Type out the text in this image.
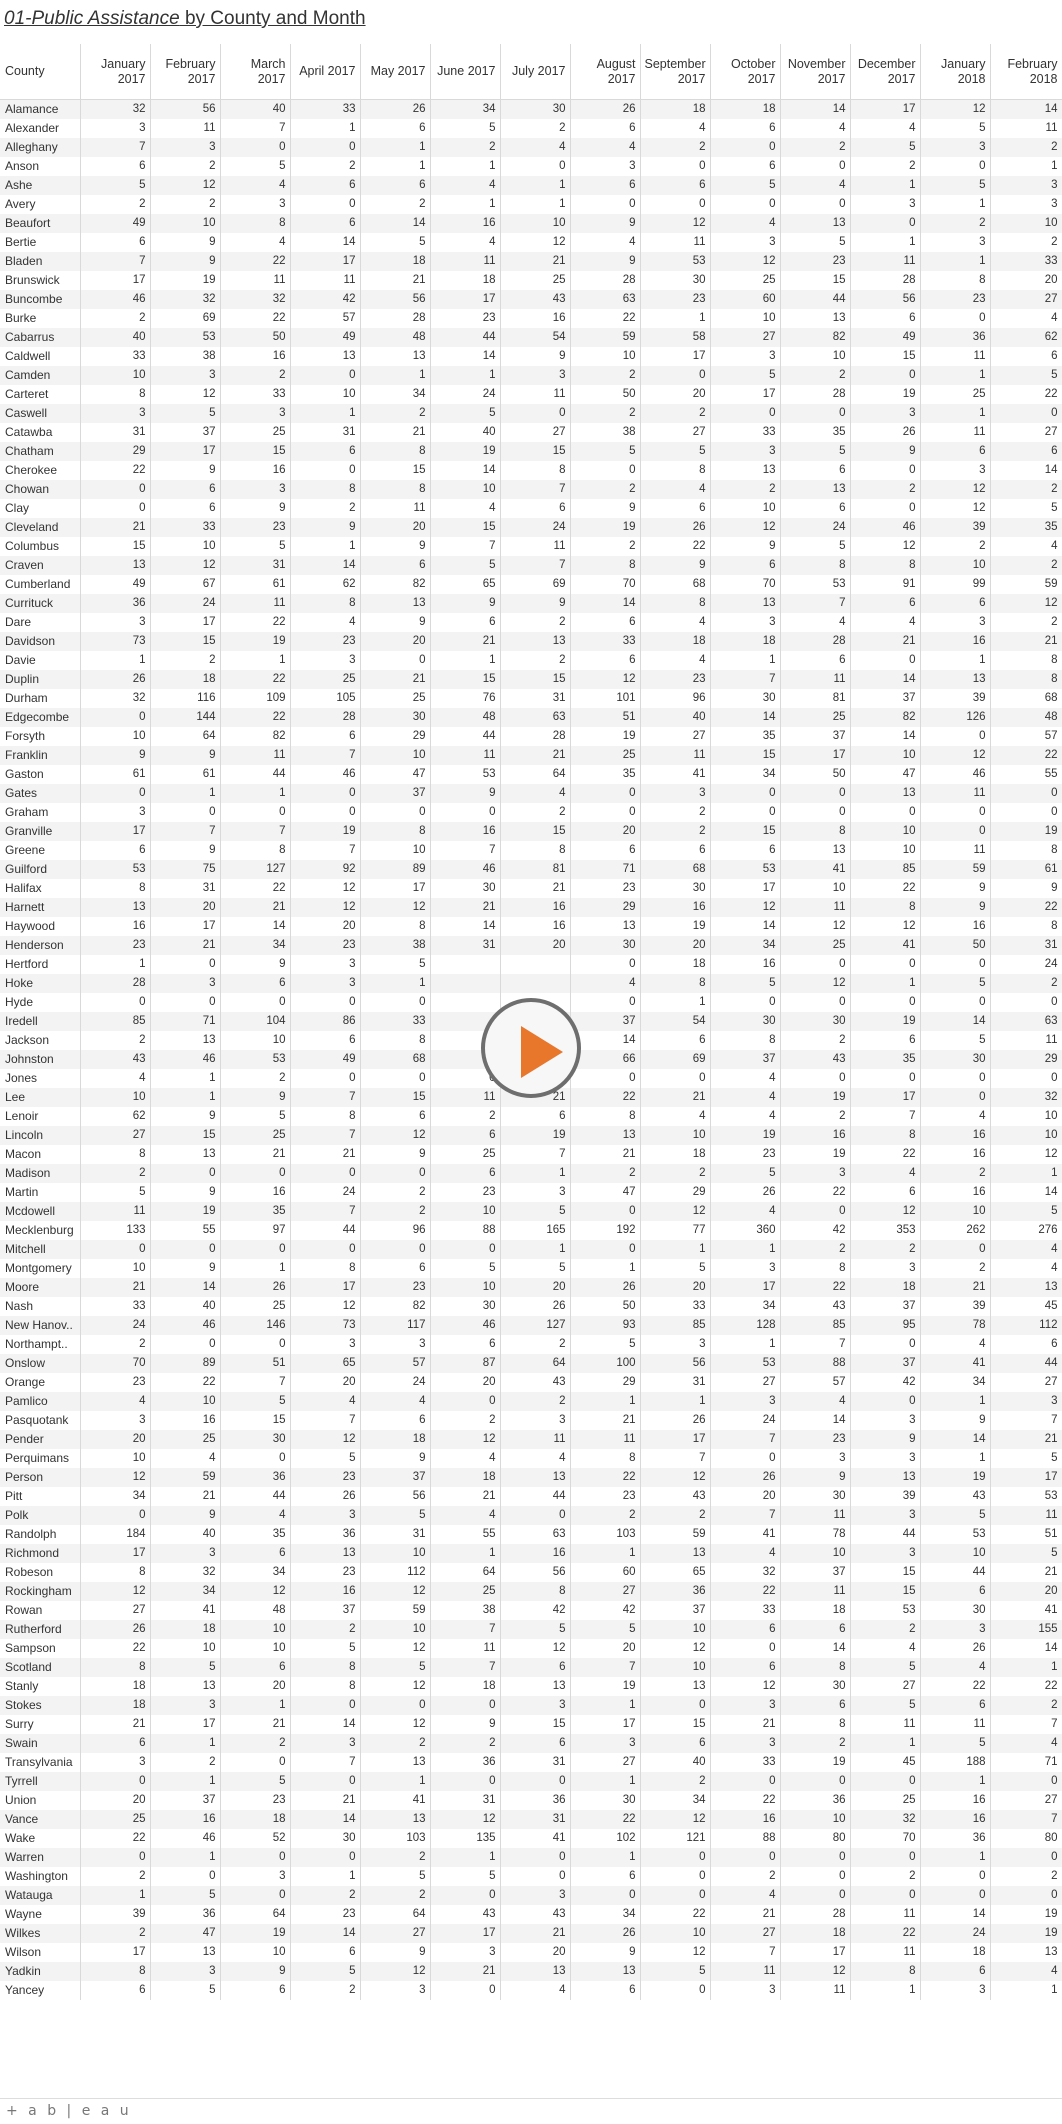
01-Public Assistance by County and Month
County	January 2017	February 2017	March 2017	April 2017	May 2017	June 2017	July 2017	August 2017	September 2017	October 2017	November 2017	December 2017	January 2018	February 2018
Alamance	32	56	40	33	26	34	30	26	18	18	14	17	12	14
Alexander	3	11	7	1	6	5	2	6	4	6	4	4	5	11
Alleghany	7	3	0	0	1	2	4	4	2	0	2	5	3	2
Anson	6	2	5	2	1	1	0	3	0	6	0	2	0	1
Ashe	5	12	4	6	6	4	1	6	6	5	4	1	5	3
Avery	2	2	3	0	2	1	1	0	0	0	0	3	1	3
Beaufort	49	10	8	6	14	16	10	9	12	4	13	0	2	10
Bertie	6	9	4	14	5	4	12	4	11	3	5	1	3	2
Bladen	7	9	22	17	18	11	21	9	53	12	23	11	1	33
Brunswick	17	19	11	11	21	18	25	28	30	25	15	28	8	20
Buncombe	46	32	32	42	56	17	43	63	23	60	44	56	23	27
Burke	2	69	22	57	28	23	16	22	1	10	13	6	0	4
Cabarrus	40	53	50	49	48	44	54	59	58	27	82	49	36	62
Caldwell	33	38	16	13	13	14	9	10	17	3	10	15	11	6
Camden	10	3	2	0	1	1	3	2	0	5	2	0	1	5
Carteret	8	12	33	10	34	24	11	50	20	17	28	19	25	22
Caswell	3	5	3	1	2	5	0	2	2	0	0	3	1	0
Catawba	31	37	25	31	21	40	27	38	27	33	35	26	11	27
Chatham	29	17	15	6	8	19	15	5	5	3	5	9	6	6
Cherokee	22	9	16	0	15	14	8	0	8	13	6	0	3	14
Chowan	0	6	3	8	8	10	7	2	4	2	13	2	12	2
Clay	0	6	9	2	11	4	6	9	6	10	6	0	12	5
Cleveland	21	33	23	9	20	15	24	19	26	12	24	46	39	35
Columbus	15	10	5	1	9	7	11	2	22	9	5	12	2	4
Craven	13	12	31	14	6	5	7	8	9	6	8	8	10	2
Cumberland	49	67	61	62	82	65	69	70	68	70	53	91	99	59
Currituck	36	24	11	8	13	9	9	14	8	13	7	6	6	12
Dare	3	17	22	4	9	6	2	6	4	3	4	4	3	2
Davidson	73	15	19	23	20	21	13	33	18	18	28	21	16	21
Davie	1	2	1	3	0	1	2	6	4	1	6	0	1	8
Duplin	26	18	22	25	21	15	15	12	23	7	11	14	13	8
Durham	32	116	109	105	25	76	31	101	96	30	81	37	39	68
Edgecombe	0	144	22	28	30	48	63	51	40	14	25	82	126	48
Forsyth	10	64	82	6	29	44	28	19	27	35	37	14	0	57
Franklin	9	9	11	7	10	11	21	25	11	15	17	10	12	22
Gaston	61	61	44	46	47	53	64	35	41	34	50	47	46	55
Gates	0	1	1	0	37	9	4	0	3	0	0	13	11	0
Graham	3	0	0	0	0	0	2	0	2	0	0	0	0	0
Granville	17	7	7	19	8	16	15	20	2	15	8	10	0	19
Greene	6	9	8	7	10	7	8	6	6	6	13	10	11	8
Guilford	53	75	127	92	89	46	81	71	68	53	41	85	59	61
Halifax	8	31	22	12	17	30	21	23	30	17	10	22	9	9
Harnett	13	20	21	12	12	21	16	29	16	12	11	8	9	22
Haywood	16	17	14	20	8	14	16	13	19	14	12	12	16	8
Henderson	23	21	34	23	38	31	20	30	20	34	25	41	50	31
Hertford	1	0	9	3	5			0	18	16	0	0	0	24
Hoke	28	3	6	3	1			4	8	5	12	1	5	2
Hyde	0	0	0	0	0			0	1	0	0	0	0	0
Iredell	85	71	104	86	33			37	54	30	30	19	14	63
Jackson	2	13	10	6	8			14	6	8	2	6	5	11
Johnston	43	46	53	49	68			66	69	37	43	35	30	29
Jones	4	1	2	0	0			0	0	4	0	0	0	0
Lee	10	1	9	7	15	11	21	22	21	4	19	17	0	32
Lenoir	62	9	5	8	6	2	6	8	4	4	2	7	4	10
Lincoln	27	15	25	7	12	6	19	13	10	19	16	8	16	10
Macon	8	13	21	21	9	25	7	21	18	23	19	22	16	12
Madison	2	0	0	0	0	6	1	2	2	5	3	4	2	1
Martin	5	9	16	24	2	23	3	47	29	26	22	6	16	14
Mcdowell	11	19	35	7	2	10	5	0	12	4	0	12	10	5
Mecklenburg	133	55	97	44	96	88	165	192	77	360	42	353	262	276
Mitchell	0	0	0	0	0	0	1	0	1	1	2	2	0	4
Montgomery	10	9	1	8	6	5	5	1	5	3	8	3	2	4
Moore	21	14	26	17	23	10	20	26	20	17	22	18	21	13
Nash	33	40	25	12	82	30	26	50	33	34	43	37	39	45
New Hanov..	24	46	146	73	117	46	127	93	85	128	85	95	78	112
Northampt..	2	0	0	3	3	6	2	5	3	1	7	0	4	6
Onslow	70	89	51	65	57	87	64	100	56	53	88	37	41	44
Orange	23	22	7	20	24	20	43	29	31	27	57	42	34	27
Pamlico	4	10	5	4	4	0	2	1	1	3	4	0	1	3
Pasquotank	3	16	15	7	6	2	3	21	26	24	14	3	9	7
Pender	20	25	30	12	18	12	11	11	17	7	23	9	14	21
Perquimans	10	4	0	5	9	4	4	8	7	0	3	3	1	5
Person	12	59	36	23	37	18	13	22	12	26	9	13	19	17
Pitt	34	21	44	26	56	21	44	23	43	20	30	39	43	53
Polk	0	9	4	3	5	4	0	2	2	7	11	3	5	11
Randolph	184	40	35	36	31	55	63	103	59	41	78	44	53	51
Richmond	17	3	6	13	10	1	16	1	13	4	10	3	10	5
Robeson	8	32	34	23	112	64	56	60	65	32	37	15	44	21
Rockingham	12	34	12	16	12	25	8	27	36	22	11	15	6	20
Rowan	27	41	48	37	59	38	42	42	37	33	18	53	30	41
Rutherford	26	18	10	2	10	7	5	5	10	6	6	2	3	155
Sampson	22	10	10	5	12	11	12	20	12	0	14	4	26	14
Scotland	8	5	6	8	5	7	6	7	10	6	8	5	4	1
Stanly	18	13	20	8	12	18	13	19	13	12	30	27	22	22
Stokes	18	3	1	0	0	0	3	1	0	3	6	5	6	2
Surry	21	17	21	14	12	9	15	17	15	21	8	11	11	7
Swain	6	1	2	3	2	2	6	3	6	3	2	1	5	4
Transylvania	3	2	0	7	13	36	31	27	40	33	19	45	188	71
Tyrrell	0	1	5	0	1	0	0	1	2	0	0	0	1	0
Union	20	37	23	21	41	31	36	30	34	22	36	25	16	27
Vance	25	16	18	14	13	12	31	22	12	16	10	32	16	7
Wake	22	46	52	30	103	135	41	102	121	88	80	70	36	80
Warren	0	1	0	0	2	1	0	1	0	0	0	0	1	0
Washington	2	0	3	1	5	5	0	6	0	2	0	2	0	2
Watauga	1	5	0	2	2	0	3	0	0	4	0	0	0	0
Wayne	39	36	64	23	64	43	43	34	22	21	28	11	14	19
Wilkes	2	47	19	14	27	17	21	26	10	27	18	22	24	19
Wilson	17	13	10	6	9	3	20	9	12	7	17	11	18	13
Yadkin	8	3	9	5	12	21	13	13	5	11	12	8	6	4
Yancey	6	5	6	2	3	0	4	6	0	3	11	1	3	1
+ a b | e a u
